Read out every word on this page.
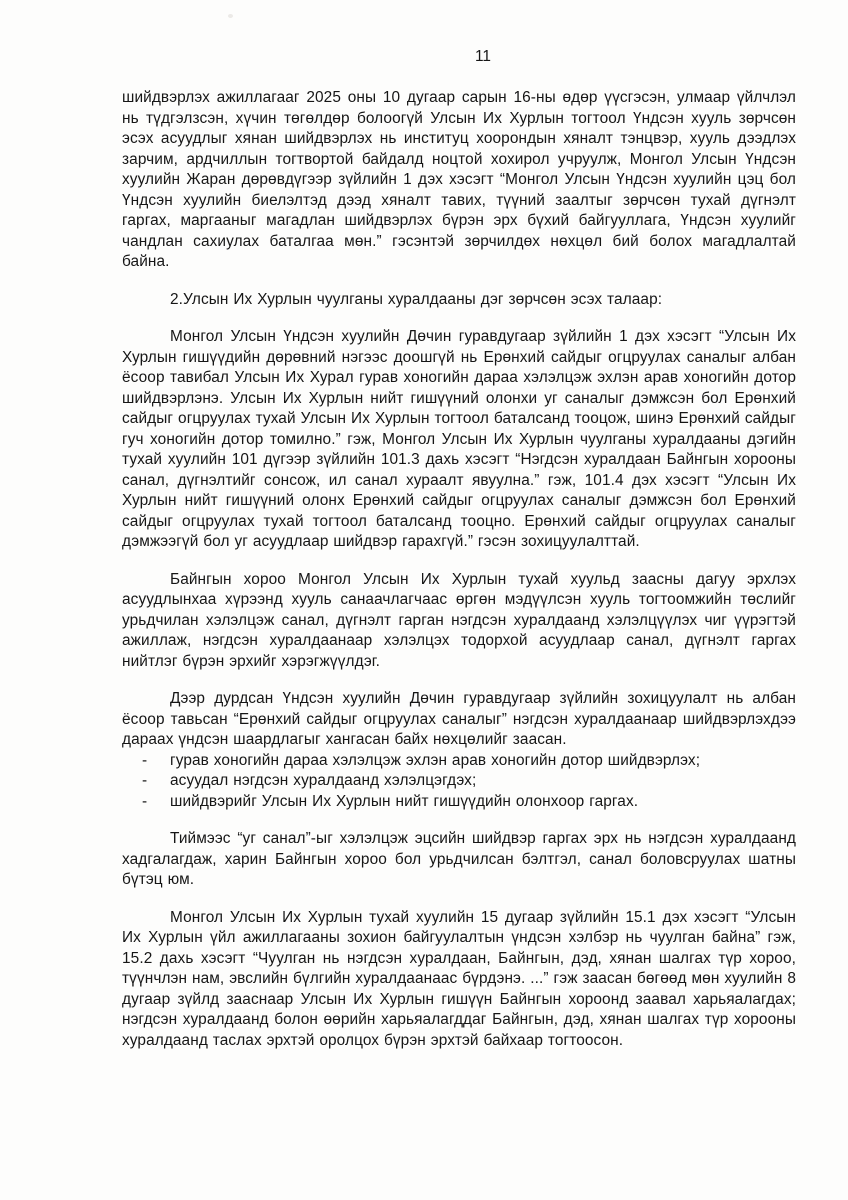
11

шийдвэрлэх ажиллагааг 2025 оны 10 дугаар сарын 16-ны өдөр үүсгэсэн, улмаар үйлчлэл нь түдгэлзсэн, хүчин төгөлдөр болоогүй Улсын Их Хурлын тогтоол Үндсэн хууль зөрчсөн эсэх асуудлыг хянан шийдвэрлэх нь институц хоорондын хяналт тэнцвэр, хууль дээдлэх зарчим, ардчиллын тогтвортой байдалд ноцтой хохирол учруулж, Монгол Улсын Үндсэн хуулийн Жаран дөрөвдүгээр зүйлийн 1 дэх хэсэгт “Монгол Улсын Үндсэн хуулийн цэц бол Үндсэн хуулийн биелэлтэд дээд хяналт тавих, түүний заалтыг зөрчсөн тухай дүгнэлт гаргах, маргааныг магадлан шийдвэрлэх бүрэн эрх бүхий байгууллага, Үндсэн хуулийг чандлан сахиулах баталгаа мөн.” гэсэнтэй зөрчилдөх нөхцөл бий болох магадлалтай байна.

2.Улсын Их Хурлын чуулганы хуралдааны дэг зөрчсөн эсэх талаар:

Монгол Улсын Үндсэн хуулийн Дөчин гуравдугаар зүйлийн 1 дэх хэсэгт “Улсын Их Хурлын гишүүдийн дөрөвний нэгээс доошгүй нь Ерөнхий сайдыг огцруулах саналыг албан ёсоор тавибал Улсын Их Хурал гурав хоногийн дараа хэлэлцэж эхлэн арав хоногийн дотор шийдвэрлэнэ. Улсын Их Хурлын нийт гишүүний олонхи уг саналыг дэмжсэн бол Ерөнхий сайдыг огцруулах тухай Улсын Их Хурлын тогтоол баталсанд тооцож, шинэ Ерөнхий сайдыг гуч хоногийн дотор томилно.” гэж, Монгол Улсын Их Хурлын чуулганы хуралдааны дэгийн тухай хуулийн 101 дүгээр зүйлийн 101.3 дахь хэсэгт “Нэгдсэн хуралдаан Байнгын хорооны санал, дүгнэлтийг сонсож, ил санал хураалт явуулна.” гэж, 101.4 дэх хэсэгт “Улсын Их Хурлын нийт гишүүний олонх Ерөнхий сайдыг огцруулах саналыг дэмжсэн бол Ерөнхий сайдыг огцруулах тухай тогтоол баталсанд тооцно. Ерөнхий сайдыг огцруулах саналыг дэмжээгүй бол уг асуудлаар шийдвэр гарахгүй.” гэсэн зохицуулалттай.

Байнгын хороо Монгол Улсын Их Хурлын тухай хуульд заасны дагуу эрхлэх асуудлынхаа хүрээнд хууль санаачлагчаас өргөн мэдүүлсэн хууль тогтоомжийн төслийг урьдчилан хэлэлцэж санал, дүгнэлт гарган нэгдсэн хуралдаанд хэлэлцүүлэх чиг үүрэгтэй ажиллаж, нэгдсэн хуралдаанаар хэлэлцэх тодорхой асуудлаар санал, дүгнэлт гаргах нийтлэг бүрэн эрхийг хэрэгжүүлдэг.

Дээр дурдсан Үндсэн хуулийн Дөчин гуравдугаар зүйлийн зохицуулалт нь албан ёсоор тавьсан “Ерөнхий сайдыг огцруулах саналыг” нэгдсэн хуралдаанаар шийдвэрлэхдээ дараах үндсэн шаардлагыг хангасан байх нөхцөлийг заасан.

- гурав хоногийн дараа хэлэлцэж эхлэн арав хоногийн дотор шийдвэрлэх;
- асуудал нэгдсэн хуралдаанд хэлэлцэгдэх;
- шийдвэрийг Улсын Их Хурлын нийт гишүүдийн олонхоор гаргах.

Тиймээс “уг санал”-ыг хэлэлцэж эцсийн шийдвэр гаргах эрх нь нэгдсэн хуралдаанд хадгалагдаж, харин Байнгын хороо бол урьдчилсан бэлтгэл, санал боловсруулах шатны бүтэц юм.

Монгол Улсын Их Хурлын тухай хуулийн 15 дугаар зүйлийн 15.1 дэх хэсэгт “Улсын Их Хурлын үйл ажиллагааны зохион байгуулалтын үндсэн хэлбэр нь чуулган байна” гэж, 15.2 дахь хэсэгт “Чуулган нь нэгдсэн хуралдаан, Байнгын, дэд, хянан шалгах түр хороо, түүнчлэн нам, эвслийн бүлгийн хуралдаанаас бүрдэнэ. ...” гэж заасан бөгөөд мөн хуулийн 8 дугаар зүйлд зааснаар Улсын Их Хурлын гишүүн Байнгын хороонд заавал харьяалагдах; нэгдсэн хуралдаанд болон өөрийн харьяалагддаг Байнгын, дэд, хянан шалгах түр хорооны хуралдаанд таслах эрхтэй оролцох бүрэн эрхтэй байхаар тогтоосон.
